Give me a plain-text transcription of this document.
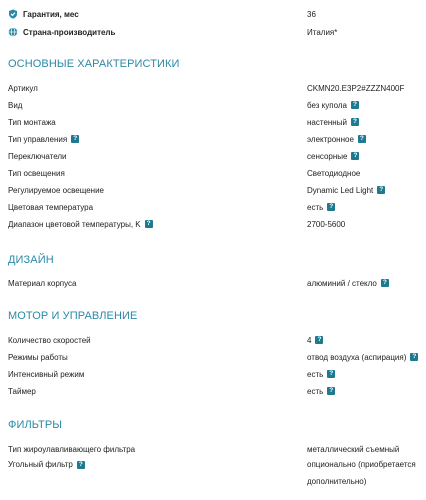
Гарантия, мес	36
Страна-производитель	Италия*
ОСНОВНЫЕ ХАРАКТЕРИСТИКИ
Артикул	CKMN20.E3P2#ZZZN400F
Вид	без купола ?
Тип монтажа	настенный ?
Тип управления ?	электронное ?
Переключатели	сенсорные ?
Тип освещения	Светодиодное
Регулируемое освещение	Dynamic Led Light ?
Цветовая температура	есть ?
Диапазон цветовой температуры, K ?	2700-5600
ДИЗАЙН
Материал корпуса	алюминий / стекло ?
МОТОР И УПРАВЛЕНИЕ
Количество скоростей	4 ?
Режимы работы	отвод воздуха (аспирация) ?
Интенсивный режим	есть ?
Таймер	есть ?
ФИЛЬТРЫ
Тип жироулавливающего фильтра	металлический съемный
Угольный фильтр ?	опционально (приобретается дополнительно)
